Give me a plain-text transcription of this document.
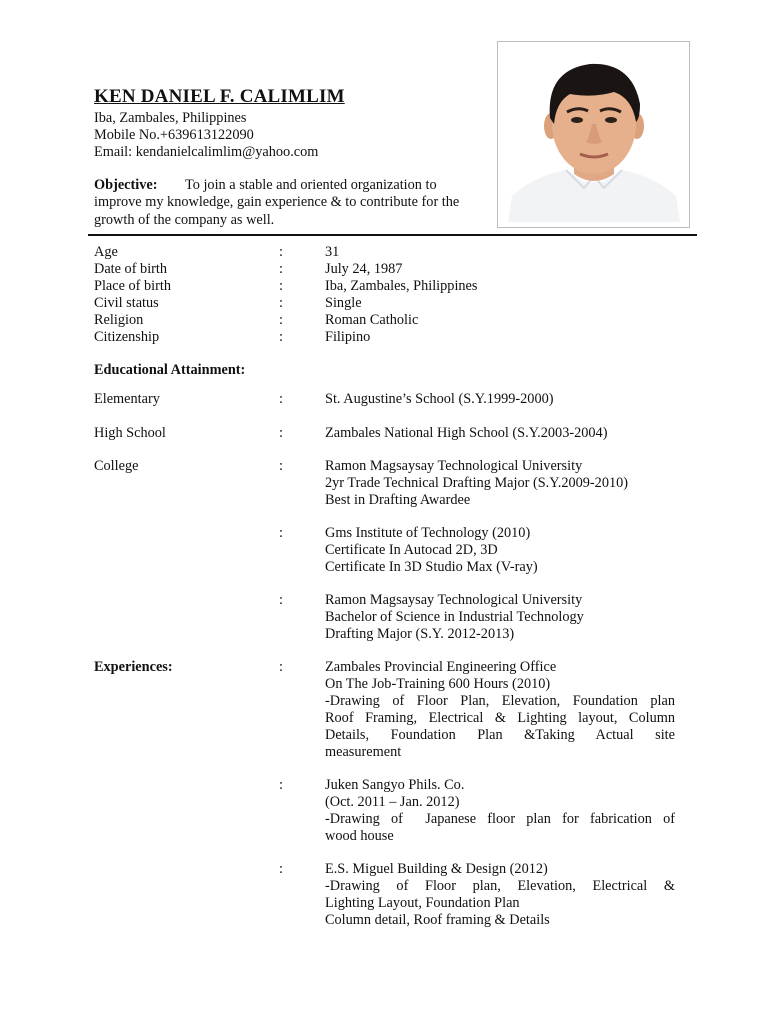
KEN DANIEL F. CALIMLIM
Iba, Zambales, Philippines
Mobile No.+639613122090
Email: kendanielcalimlim@yahoo.com
Objective: To join a stable and oriented organization to improve my knowledge, gain experience & to contribute for the growth of the company as well.
Age	:	31
Date of birth	:	July 24, 1987
Place of birth	:	Iba, Zambales, Philippines
Civil status	:	Single
Religion	:	Roman Catholic
Citizenship	:	Filipino
Educational Attainment:
Elementary	:	St. Augustine’s School (S.Y.1999-2000)
High School	:	Zambales National High School (S.Y.2003-2004)
College	:	Ramon Magsaysay Technological University
2yr Trade Technical Drafting Major (S.Y.2009-2010)
Best in Drafting Awardee
:	Gms Institute of Technology (2010)
Certificate In Autocad 2D, 3D
Certificate In 3D Studio Max (V-ray)
:	Ramon Magsaysay Technological University
Bachelor of Science in Industrial Technology
Drafting Major (S.Y. 2012-2013)
Experiences:	:	Zambales Provincial Engineering Office
On The Job-Training 600 Hours (2010)
-Drawing of Floor Plan, Elevation, Foundation plan
Roof Framing, Electrical & Lighting layout, Column
Details, Foundation Plan &Taking Actual site
measurement
:	Juken Sangyo Phils. Co.
(Oct. 2011 – Jan. 2012)
-Drawing of  Japanese floor plan for fabrication of
wood house
:	E.S. Miguel Building & Design (2012)
-Drawing of Floor plan, Elevation, Electrical &
Lighting Layout, Foundation Plan
Column detail, Roof framing & Details
